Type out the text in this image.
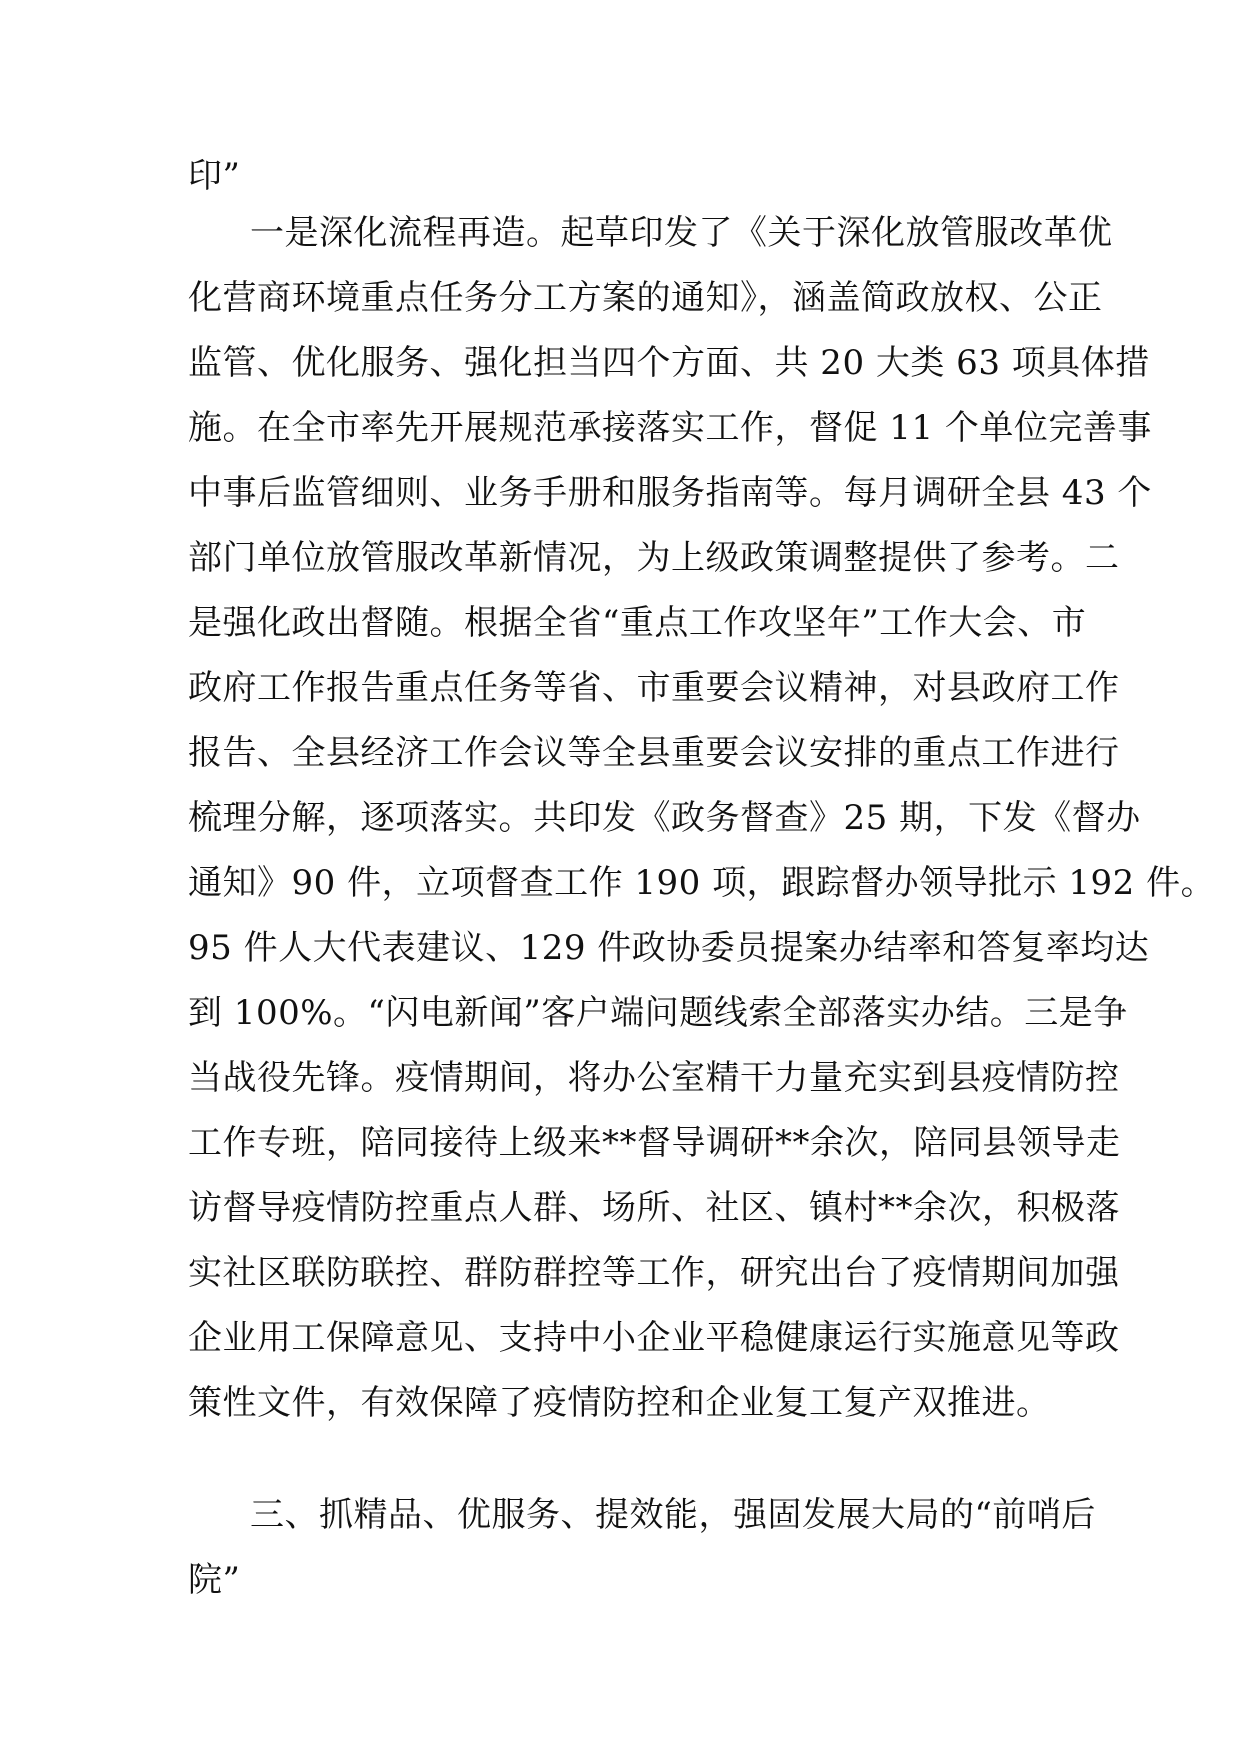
印”
一是深化流程再造。起草印发了《关于深化放管服改革优
化营商环境重点任务分工方案的通知》，涵盖简政放权、公正
监管、优化服务、强化担当四个方面、共 20 大类 63 项具体措
施。在全市率先开展规范承接落实工作，督促 11 个单位完善事
中事后监管细则、业务手册和服务指南等。每月调研全县 43 个
部门单位放管服改革新情况，为上级政策调整提供了参考。二
是强化政出督随。根据全省“重点工作攻坚年”工作大会、市
政府工作报告重点任务等省、市重要会议精神，对县政府工作
报告、全县经济工作会议等全县重要会议安排的重点工作进行
梳理分解，逐项落实。共印发《政务督查》25 期，下发《督办
通知》90 件，立项督查工作 190 项，跟踪督办领导批示 192 件。
95 件人大代表建议、129 件政协委员提案办结率和答复率均达
到 100%。“闪电新闻”客户端问题线索全部落实办结。三是争
当战役先锋。疫情期间，将办公室精干力量充实到县疫情防控
工作专班，陪同接待上级来**督导调研**余次，陪同县领导走
访督导疫情防控重点人群、场所、社区、镇村**余次，积极落
实社区联防联控、群防群控等工作，研究出台了疫情期间加强
企业用工保障意见、支持中小企业平稳健康运行实施意见等政
策性文件，有效保障了疫情防控和企业复工复产双推进。
三、抓精品、优服务、提效能，强固发展大局的“前哨后
院”
